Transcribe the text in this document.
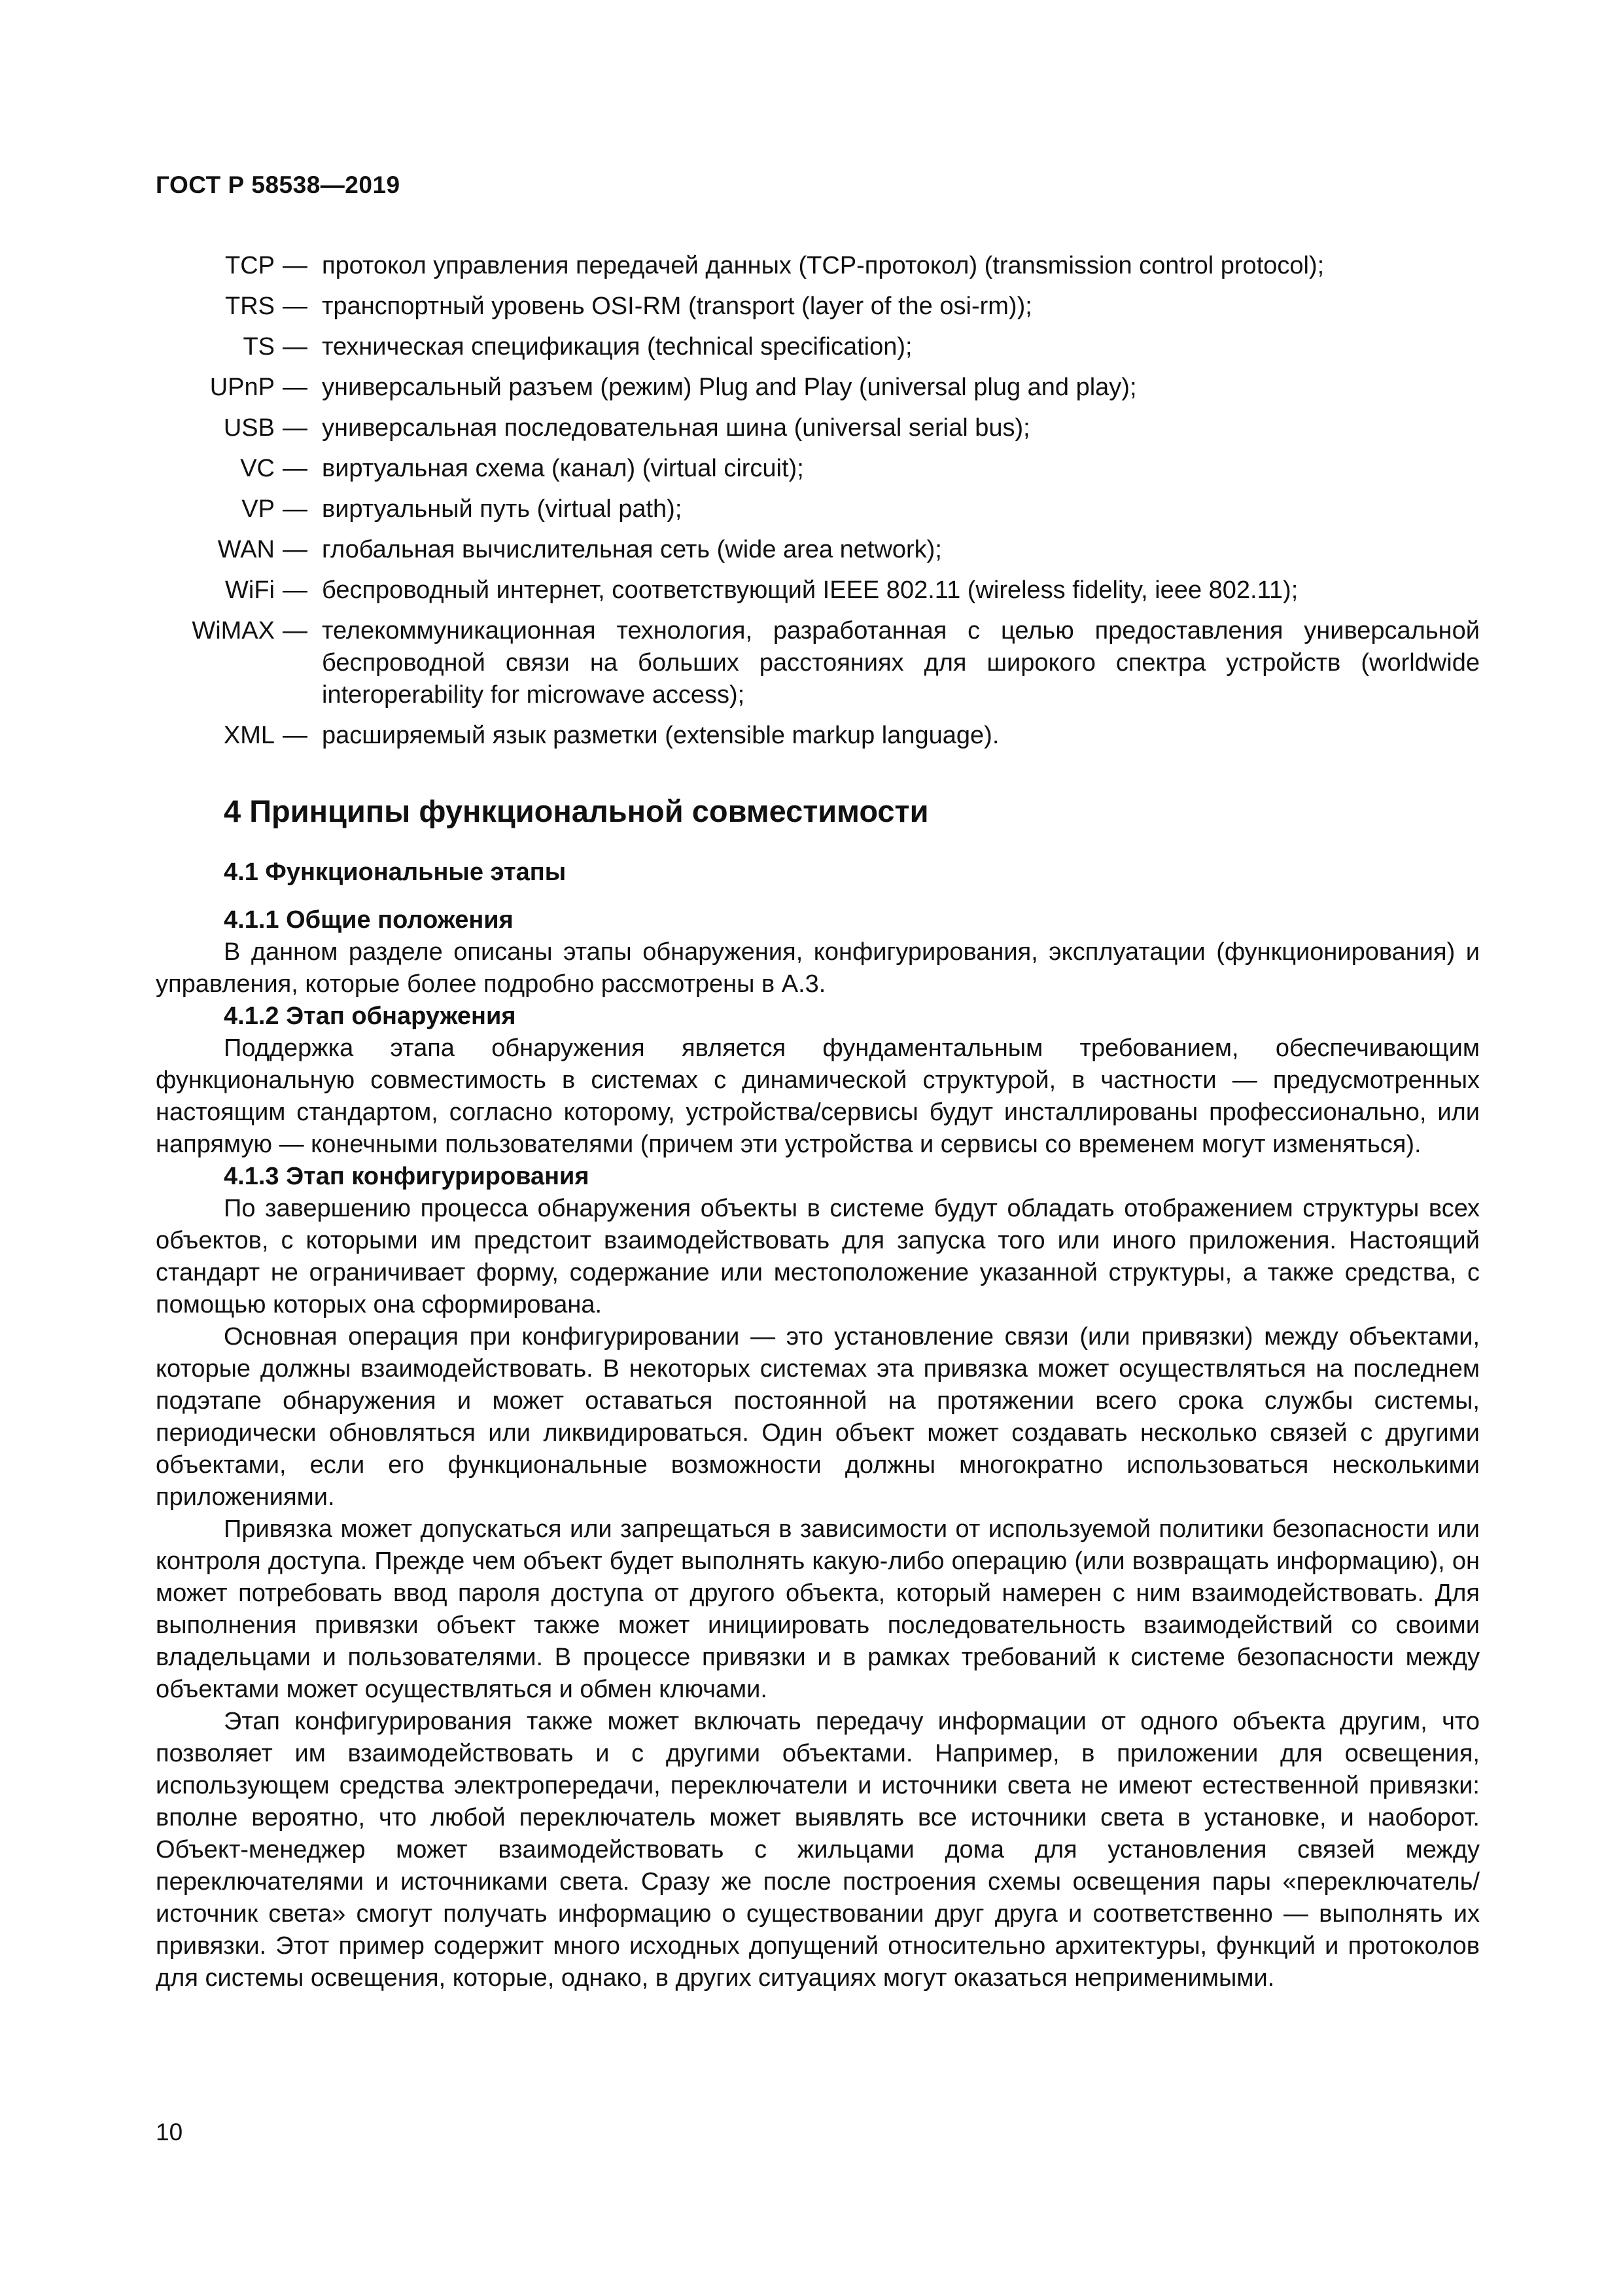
ГОСТ Р 58538—2019
TCP — протокол управления передачей данных (TCP-протокол) (transmission control protocol);
TRS — транспортный уровень OSI-RM (transport (layer of the osi-rm));
TS — техническая спецификация (technical specification);
UPnP — универсальный разъем (режим) Plug and Play (universal plug and play);
USB — универсальная последовательная шина (universal serial bus);
VC — виртуальная схема (канал) (virtual circuit);
VP — виртуальный путь (virtual path);
WAN — глобальная вычислительная сеть (wide area network);
WiFi — беспроводный интернет, соответствующий IEEE 802.11 (wireless fidelity, ieee 802.11);
WiMAX — телекоммуникационная технология, разработанная с целью предоставления универсальной беспроводной связи на больших расстояниях для широкого спектра устройств (worldwide interoperability for microwave access);
XML — расширяемый язык разметки (extensible markup language).
4 Принципы функциональной совместимости
4.1 Функциональные этапы
4.1.1 Общие положения

В данном разделе описаны этапы обнаружения, конфигурирования, эксплуатации (функционирования) и управления, которые более подробно рассмотрены в А.3.

4.1.2 Этап обнаружения

Поддержка этапа обнаружения является фундаментальным требованием, обеспечивающим функциональную совместимость в системах с динамической структурой, в частности — предусмотренных настоящим стандартом, согласно которому, устройства/сервисы будут инсталлированы профессионально, или напрямую — конечными пользователями (причем эти устройства и сервисы со временем могут изменяться).

4.1.3 Этап конфигурирования

По завершению процесса обнаружения объекты в системе будут обладать отображением структуры всех объектов, с которыми им предстоит взаимодействовать для запуска того или иного приложения. Настоящий стандарт не ограничивает форму, содержание или местоположение указанной структуры, а также средства, с помощью которых она сформирована.

Основная операция при конфигурировании — это установление связи (или привязки) между объектами, которые должны взаимодействовать. В некоторых системах эта привязка может осуществляться на последнем подэтапе обнаружения и может оставаться постоянной на протяжении всего срока службы системы, периодически обновляться или ликвидироваться. Один объект может создавать несколько связей с другими объектами, если его функциональные возможности должны многократно использоваться несколькими приложениями.

Привязка может допускаться или запрещаться в зависимости от используемой политики безопасности или контроля доступа. Прежде чем объект будет выполнять какую-либо операцию (или возвращать информацию), он может потребовать ввод пароля доступа от другого объекта, который намерен с ним взаимодействовать. Для выполнения привязки объект также может инициировать последовательность взаимодействий со своими владельцами и пользователями. В процессе привязки и в рамках требований к системе безопасности между объектами может осуществляться и обмен ключами.

Этап конфигурирования также может включать передачу информации от одного объекта другим, что позволяет им взаимодействовать и с другими объектами. Например, в приложении для освещения, использующем средства электропередачи, переключатели и источники света не имеют естественной привязки: вполне вероятно, что любой переключатель может выявлять все источники света в установке, и наоборот. Объект-менеджер может взаимодействовать с жильцами дома для установления связей между переключателями и источниками света. Сразу же после построения схемы освещения пары «переключатель/источник света» смогут получать информацию о существовании друг друга и соответственно — выполнять их привязки. Этот пример содержит много исходных допущений относительно архитектуры, функций и протоколов для системы освещения, которые, однако, в других ситуациях могут оказаться неприменимыми.

10
